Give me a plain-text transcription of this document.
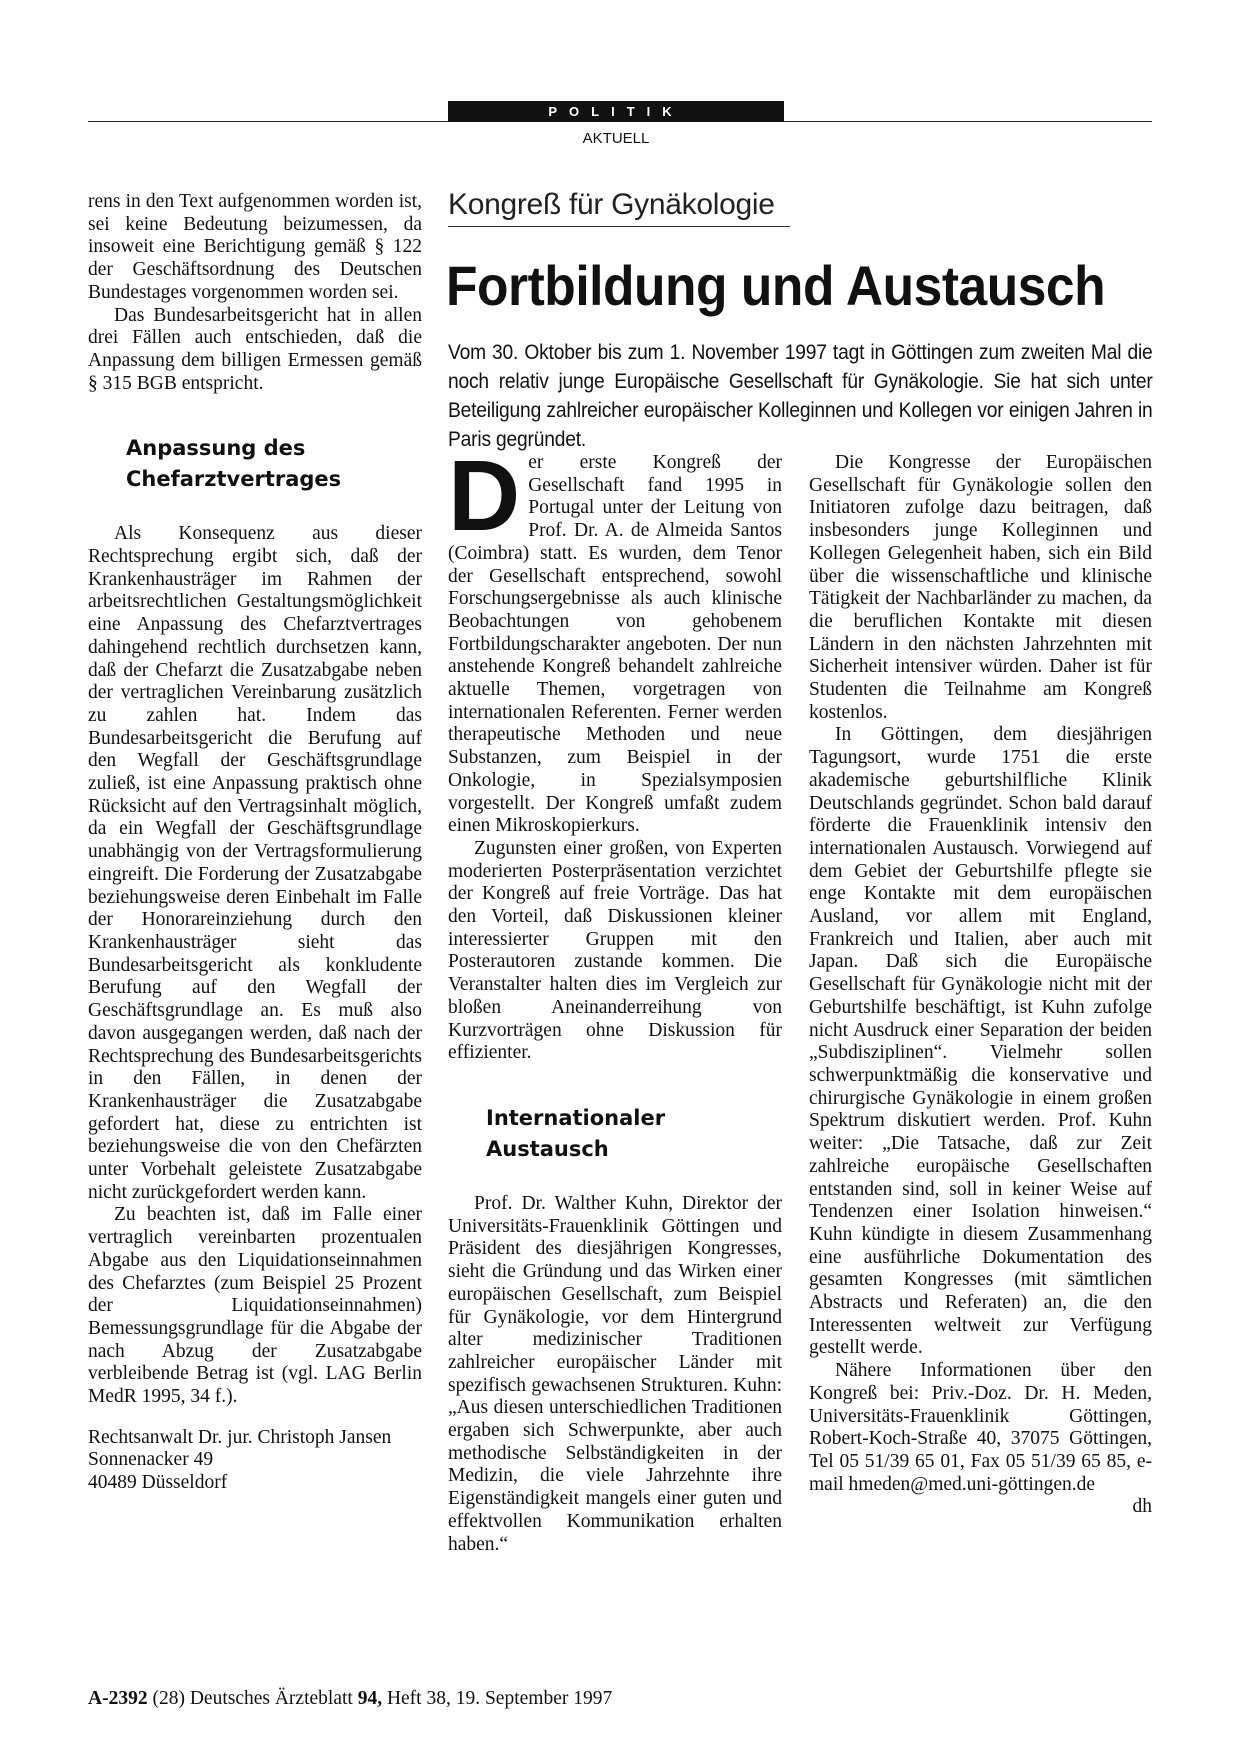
POLITIK
AKTUELL

rens in den Text aufgenommen worden ist, sei keine Bedeutung beizumessen, da insoweit eine Berichtigung gemäß § 122 der Geschäftsordnung des Deutschen Bundestages vorgenommen worden sei.

Das Bundesarbeitsgericht hat in allen drei Fällen auch entschieden, daß die Anpassung dem billigen Ermessen gemäß § 315 BGB entspricht.

Anpassung des Chefarztvertrages

Als Konsequenz aus dieser Rechtsprechung ergibt sich, daß der Krankenhausträger im Rahmen der arbeitsrechtlichen Gestaltungsmöglichkeit eine Anpassung des Chefarztvertrages dahingehend rechtlich durchsetzen kann, daß der Chefarzt die Zusatzabgabe neben der vertraglichen Vereinbarung zusätzlich zu zahlen hat. Indem das Bundesarbeitsgericht die Berufung auf den Wegfall der Geschäftsgrundlage zuließ, ist eine Anpassung praktisch ohne Rücksicht auf den Vertragsinhalt möglich, da ein Wegfall der Geschäftsgrundlage unabhängig von der Vertragsformulierung eingreift. Die Forderung der Zusatzabgabe beziehungsweise deren Einbehalt im Falle der Honorareinziehung durch den Krankenhausträger sieht das Bundesarbeitsgericht als konkludente Berufung auf den Wegfall der Geschäftsgrundlage an. Es muß also davon ausgegangen werden, daß nach der Rechtsprechung des Bundesarbeitsgerichts in den Fällen, in denen der Krankenhausträger die Zusatzabgabe gefordert hat, diese zu entrichten ist beziehungsweise die von den Chefärzten unter Vorbehalt geleistete Zusatzabgabe nicht zurückgefordert werden kann.

Zu beachten ist, daß im Falle einer vertraglich vereinbarten prozentualen Abgabe aus den Liquidationseinnahmen des Chefarztes (zum Beispiel 25 Prozent der Liquidationseinnahmen) Bemessungsgrundlage für die Abgabe der nach Abzug der Zusatzabgabe verbleibende Betrag ist (vgl. LAG Berlin MedR 1995, 34 f.).

Rechtsanwalt Dr. jur. Christoph Jansen
Sonnenacker 49
40489 Düsseldorf
Kongreß für Gynäkologie
Fortbildung und Austausch
Vom 30. Oktober bis zum 1. November 1997 tagt in Göttingen zum zweiten Mal die noch relativ junge Europäische Gesellschaft für Gynäkologie. Sie hat sich unter Beteiligung zahlreicher europäischer Kolleginnen und Kollegen vor einigen Jahren in Paris gegründet.

Der erste Kongreß der Gesellschaft fand 1995 in Portugal unter der Leitung von Prof. Dr. A. de Almeida Santos (Coimbra) statt. Es wurden, dem Tenor der Gesellschaft entsprechend, sowohl Forschungsergebnisse als auch klinische Beobachtungen von gehobenem Fortbildungscharakter angeboten. Der nun anstehende Kongreß behandelt zahlreiche aktuelle Themen, vorgetragen von internationalen Referenten. Ferner werden therapeutische Methoden und neue Substanzen, zum Beispiel in der Onkologie, in Spezialsymposien vorgestellt. Der Kongreß umfaßt zudem einen Mikroskopierkurs.

Zugunsten einer großen, von Experten moderierten Posterpräsentation verzichtet der Kongreß auf freie Vorträge. Das hat den Vorteil, daß Diskussionen kleiner interessierter Gruppen mit den Posterautoren zustande kommen. Die Veranstalter halten dies im Vergleich zur bloßen Aneinanderreihung von Kurzvorträgen ohne Diskussion für effizienter.

Internationaler Austausch

Prof. Dr. Walther Kuhn, Direktor der Universitäts-Frauenklinik Göttingen und Präsident des diesjährigen Kongresses, sieht die Gründung und das Wirken einer europäischen Gesellschaft, zum Beispiel für Gynäkologie, vor dem Hintergrund alter medizinischer Traditionen zahlreicher europäischer Länder mit spezifisch gewachsenen Strukturen. Kuhn: „Aus diesen unterschiedlichen Traditionen ergaben sich Schwerpunkte, aber auch methodische Selbständigkeiten in der Medizin, die viele Jahrzehnte ihre Eigenständigkeit mangels einer guten und effektvollen Kommunikation erhalten haben.“

Die Kongresse der Europäischen Gesellschaft für Gynäkologie sollen den Initiatoren zufolge dazu beitragen, daß insbesonders junge Kolleginnen und Kollegen Gelegenheit haben, sich ein Bild über die wissenschaftliche und klinische Tätigkeit der Nachbarländer zu machen, da die beruflichen Kontakte mit diesen Ländern in den nächsten Jahrzehnten mit Sicherheit intensiver würden. Daher ist für Studenten die Teilnahme am Kongreß kostenlos.

In Göttingen, dem diesjährigen Tagungsort, wurde 1751 die erste akademische geburtshilfliche Klinik Deutschlands gegründet. Schon bald darauf förderte die Frauenklinik intensiv den internationalen Austausch. Vorwiegend auf dem Gebiet der Geburtshilfe pflegte sie enge Kontakte mit dem europäischen Ausland, vor allem mit England, Frankreich und Italien, aber auch mit Japan. Daß sich die Europäische Gesellschaft für Gynäkologie nicht mit der Geburtshilfe beschäftigt, ist Kuhn zufolge nicht Ausdruck einer Separation der beiden „Subdisziplinen“. Vielmehr sollen schwerpunktmäßig die konservative und chirurgische Gynäkologie in einem großen Spektrum diskutiert werden. Prof. Kuhn weiter: „Die Tatsache, daß zur Zeit zahlreiche europäische Gesellschaften entstanden sind, soll in keiner Weise auf Tendenzen einer Isolation hinweisen.“ Kuhn kündigte in diesem Zusammenhang eine ausführliche Dokumentation des gesamten Kongresses (mit sämtlichen Abstracts und Referaten) an, die den Interessenten weltweit zur Verfügung gestellt werde.

Nähere Informationen über den Kongreß bei: Priv.-Doz. Dr. H. Meden, Universitäts-Frauenklinik Göttingen, Robert-Koch-Straße 40, 37075 Göttingen, Tel 05 51/39 65 01, Fax 05 51/39 65 85, e-mail hmeden@med.uni-göttingen.de

dh
A-2392 (28) Deutsches Ärzteblatt 94, Heft 38, 19. September 1997
